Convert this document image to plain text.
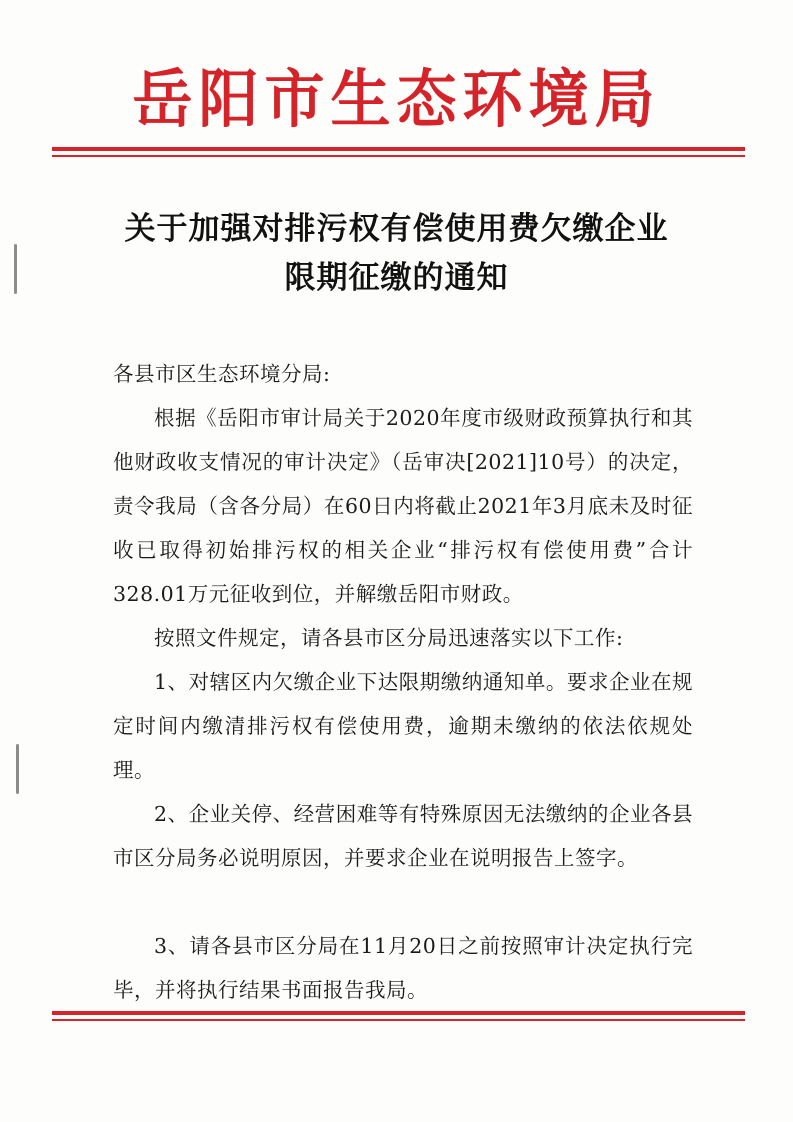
岳阳市生态环境局
关于加强对排污权有偿使用费欠缴企业
限期征缴的通知

各县市区生态环境分局:

根据《岳阳市审计局关于2020年度市级财政预算执行和其他财政收支情况的审计决定》（岳审决[2021]10号）的决定，责令我局（含各分局）在60日内将截止2021年3月底未及时征收已取得初始排污权的相关企业“排污权有偿使用费”合计328.01万元征收到位，并解缴岳阳市财政。

按照文件规定，请各县市区分局迅速落实以下工作:

1、对辖区内欠缴企业下达限期缴纳通知单。要求企业在规定时间内缴清排污权有偿使用费，逾期未缴纳的依法依规处理。

2、企业关停、经营困难等有特殊原因无法缴纳的企业各县市区分局务必说明原因，并要求企业在说明报告上签字。

3、请各县市区分局在11月20日之前按照审计决定执行完毕，并将执行结果书面报告我局。
